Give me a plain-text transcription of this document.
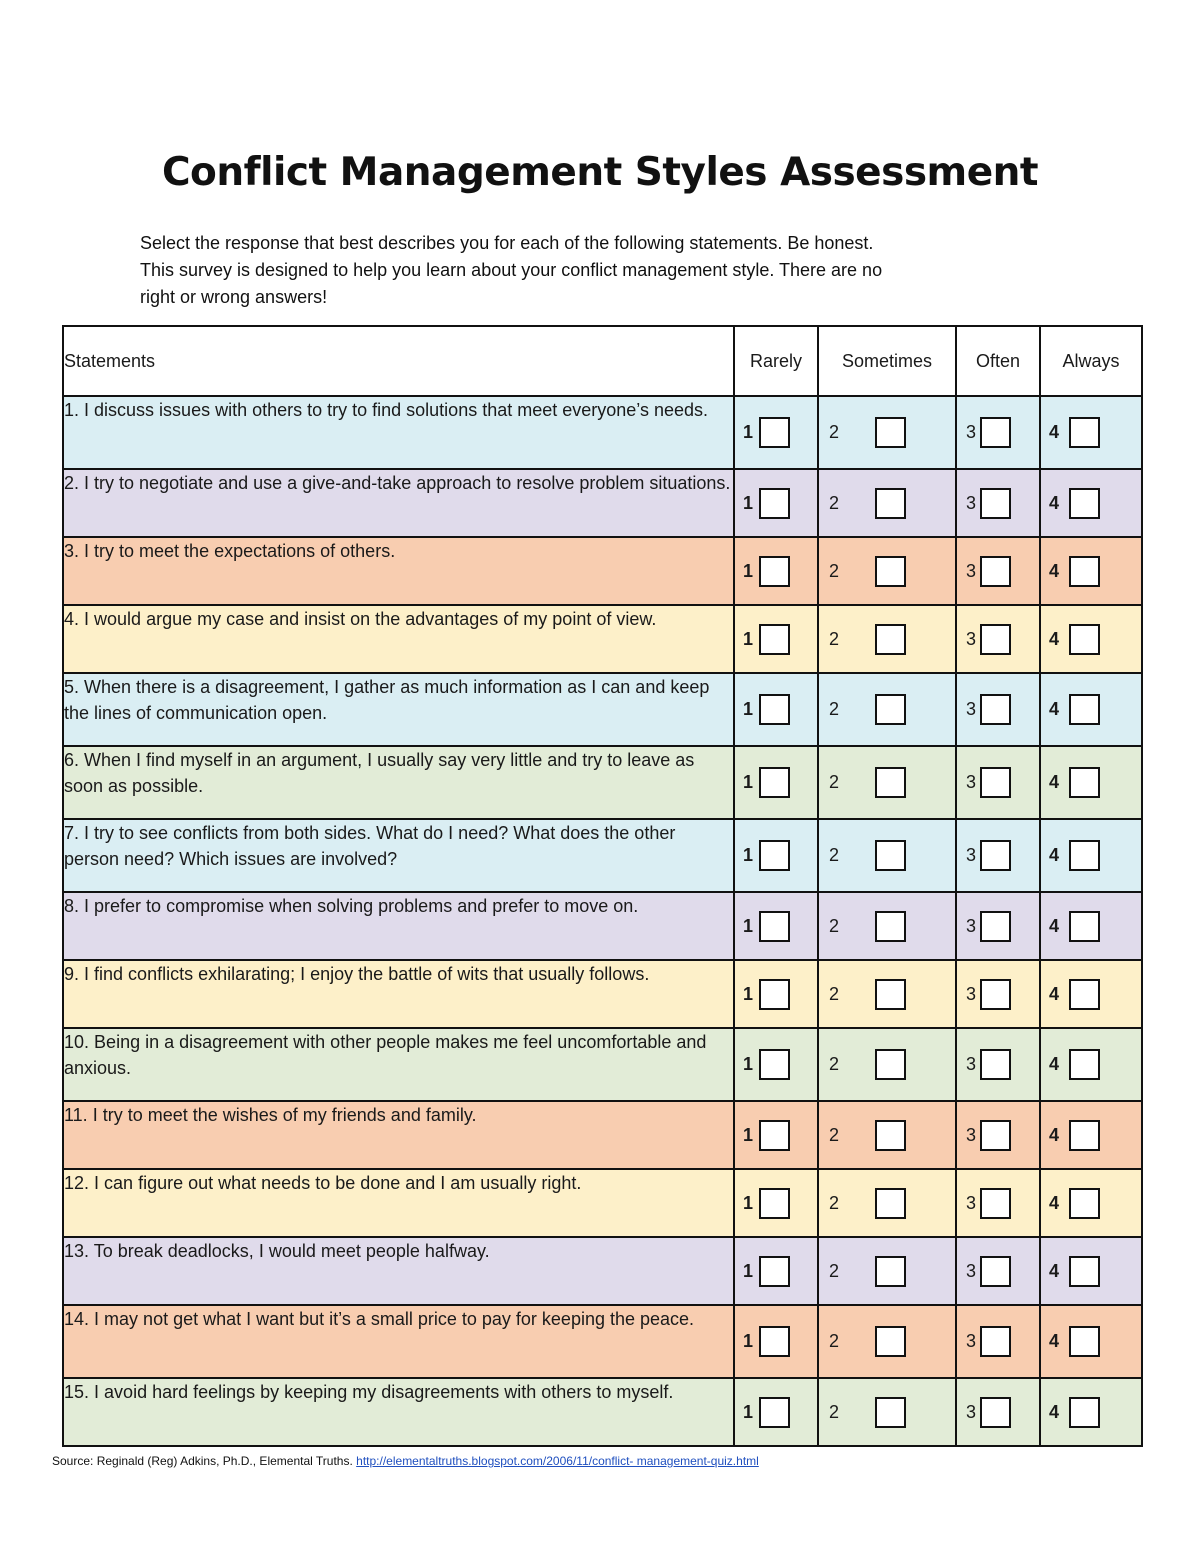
Conflict Management Styles Assessment
Select the response that best describes you for each of the following statements. Be honest.
This survey is designed to help you learn about your conflict management style. There are no
right or wrong answers!
Statements	Rarely	Sometimes	Often	Always
1. I discuss issues with others to try to find solutions that meet everyone’s needs.	1	2	3	4

2. I try to negotiate and use a give-and-take approach to resolve problem situations.	1	2	3	4

3. I try to meet the expectations of others.	1	2	3	4

4. I would argue my case and insist on the advantages of my point of view.	1	2	3	4

5. When there is a disagreement, I gather as much information as I can and keep the lines of communication open.	1	2	3	4

6. When I find myself in an argument, I usually say very little and try to leave as soon as possible.	1	2	3	4

7. I try to see conflicts from both sides. What do I need? What does the other person need? Which issues are involved?	1	2	3	4

8. I prefer to compromise when solving problems and prefer to move on.	1	2	3	4

9. I find conflicts exhilarating; I enjoy the battle of wits that usually follows.	1	2	3	4

10. Being in a disagreement with other people makes me feel uncomfortable and anxious.	1	2	3	4

11. I try to meet the wishes of my friends and family.	1	2	3	4

12. I can figure out what needs to be done and I am usually right.	1	2	3	4

13. To break deadlocks, I would meet people halfway.	1	2	3	4

14. I may not get what I want but it’s a small price to pay for keeping the peace.	1	2	3	4

15. I avoid hard feelings by keeping my disagreements with others to myself.	1	2	3	4
Source: Reginald (Reg) Adkins, Ph.D., Elemental Truths. http://elementaltruths.blogspot.com/2006/11/conflict- management-quiz.html
